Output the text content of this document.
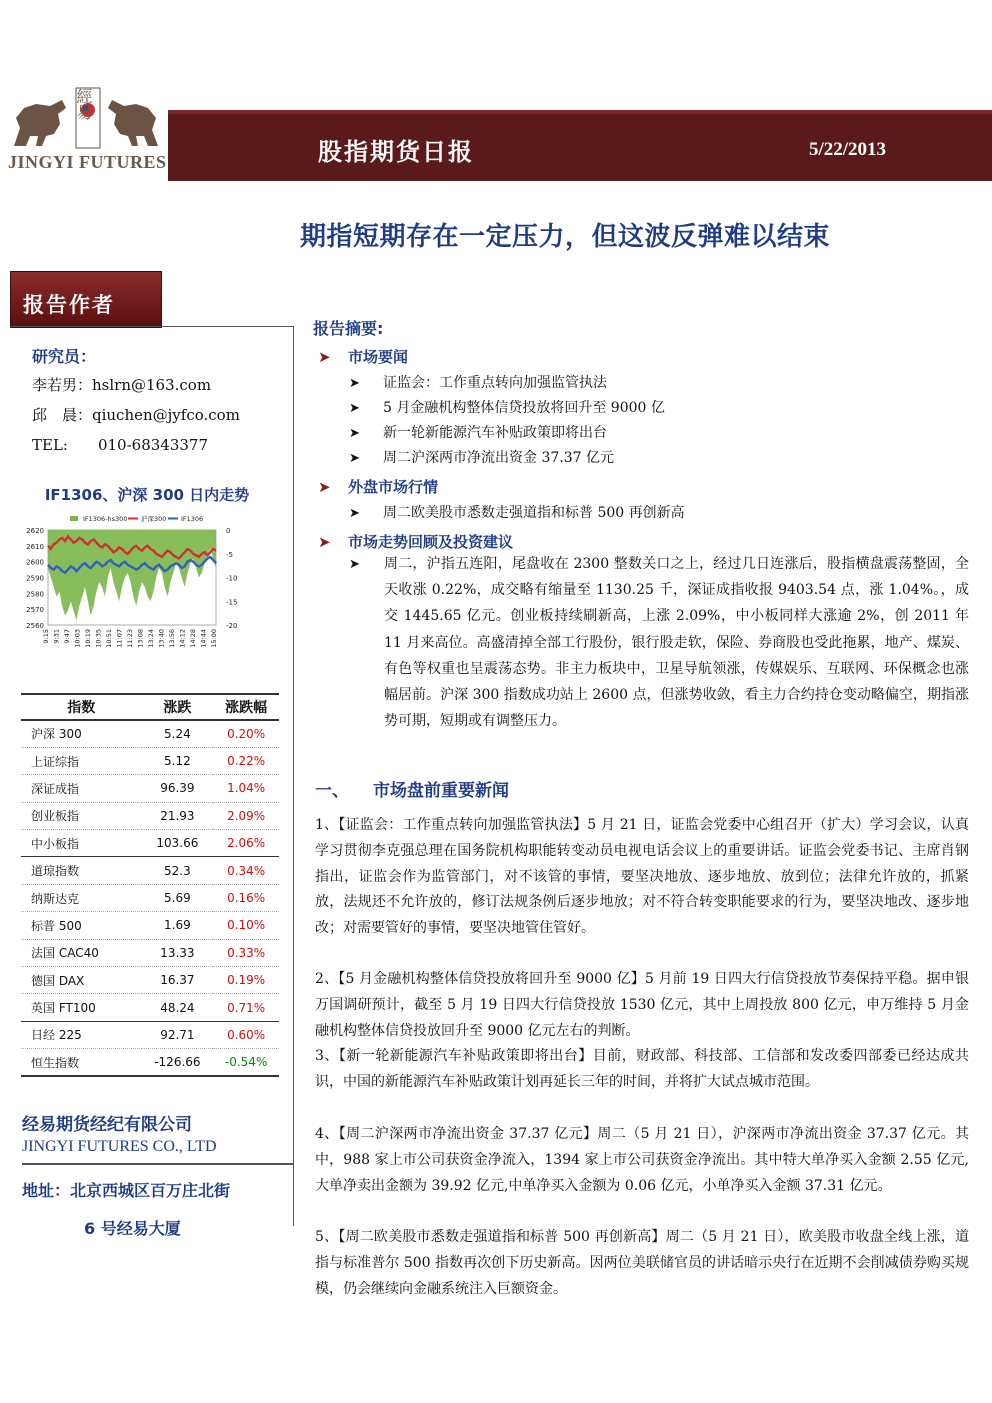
經易
JINGYI FUTURES	股指期货日报	5/22/2013
期指短期存在一定压力，但这波反弹难以结束
报告作者
研究员：
李若男：hslrn@163.com
邱　晨：qiuchen@jyfco.com
TEL:　　010-68343377
IF1306、沪深 300 日内走势
2560
2570
2580
2590
2600
2610
2620	0
-5
-10
-15
-20
9:15 9:31 9:47 10:03 10:19 10:35 10:51 11:07 11:23 13:08 13:24 13:40 13:56 14:12 14:28 14:44 15:00
IF1306-hs300 沪深300 IF1306
指数	涨跌	涨跌幅
沪深 300	5.24	0.20%
上证综指	5.12	0.22%
深证成指	96.39	1.04%
创业板指	21.93	2.09%
中小板指	103.66	2.06%
道琼指数	52.3	0.34%
纳斯达克	5.69	0.16%
标普 500	1.69	0.10%
法国 CAC40	13.33	0.33%
德国 DAX	16.37	0.19%
英国 FT100	48.24	0.71%
日经 225	92.71	0.60%
恒生指数	-126.66	-0.54%
经易期货经纪有限公司
JINGYI FUTURES CO., LTD
地址：北京西城区百万庄北街
6 号经易大厦
报告摘要:
➤ 市场要闻
➤ 证监会：工作重点转向加强监管执法
➤ 5 月金融机构整体信贷投放将回升至 9000 亿
➤ 新一轮新能源汽车补贴政策即将出台
➤ 周二沪深两市净流出资金 37.37 亿元
➤ 外盘市场行情
➤ 周二欧美股市悉数走强道指和标普 500 再创新高
➤ 市场走势回顾及投资建议
➤	周二，沪指五连阳，尾盘收在 2300 整数关口之上，经过几日连涨后，股指横盘震荡整固，全天收涨 0.22%，成交略有缩量至 1130.25 千，深证成指收报 9403.54 点，涨 1.04%。，成交 1445.65 亿元。创业板持续刷新高，上涨 2.09%，中小板同样大涨逾 2%，创 2011 年 11 月来高位。高盛清掉全部工行股份，银行股走软，保险、券商股也受此拖累，地产、煤炭、有色等权重也呈震荡态势。非主力板块中，卫星导航领涨，传媒娱乐、互联网、环保概念也涨幅居前。沪深 300 指数成功站上 2600 点，但涨势收敛，看主力合约持仓变动略偏空，期指涨势可期，短期或有调整压力。
一、 市场盘前重要新闻
1、【证监会：工作重点转向加强监管执法】5 月 21 日，证监会党委中心组召开（扩大）学习会议，认真学习贯彻李克强总理在国务院机构职能转变动员电视电话会议上的重要讲话。证监会党委书记、主席肖钢指出，证监会作为监管部门，对不该管的事情，要坚决地放、逐步地放、放到位；法律允许放的，抓紧放，法规还不允许放的，修订法规条例后逐步地放；对不符合转变职能要求的行为，要坚决地改、逐步地改；对需要管好的事情，要坚决地管住管好。
2、【5 月金融机构整体信贷投放将回升至 9000 亿】5 月前 19 日四大行信贷投放节奏保持平稳。据申银万国调研预计，截至 5 月 19 日四大行信贷投放 1530 亿元，其中上周投放 800 亿元，申万维持 5 月金融机构整体信贷投放回升至 9000 亿元左右的判断。
3、【新一轮新能源汽车补贴政策即将出台】目前，财政部、科技部、工信部和发改委四部委已经达成共识，中国的新能源汽车补贴政策计划再延长三年的时间，并将扩大试点城市范围。
4、【周二沪深两市净流出资金 37.37 亿元】周二（5 月 21 日），沪深两市净流出资金 37.37 亿元。其中，988 家上市公司获资金净流入，1394 家上市公司获资金净流出。其中特大单净买入金额 2.55 亿元,大单净卖出金额为 39.92 亿元,中单净买入金额为 0.06 亿元，小单净买入金额 37.31 亿元。
5、【周二欧美股市悉数走强道指和标普 500 再创新高】周二（5 月 21 日），欧美股市收盘全线上涨，道指与标准普尔 500 指数再次创下历史新高。因两位美联储官员的讲话暗示央行在近期不会削减债券购买规模，仍会继续向金融系统注入巨额资金。
